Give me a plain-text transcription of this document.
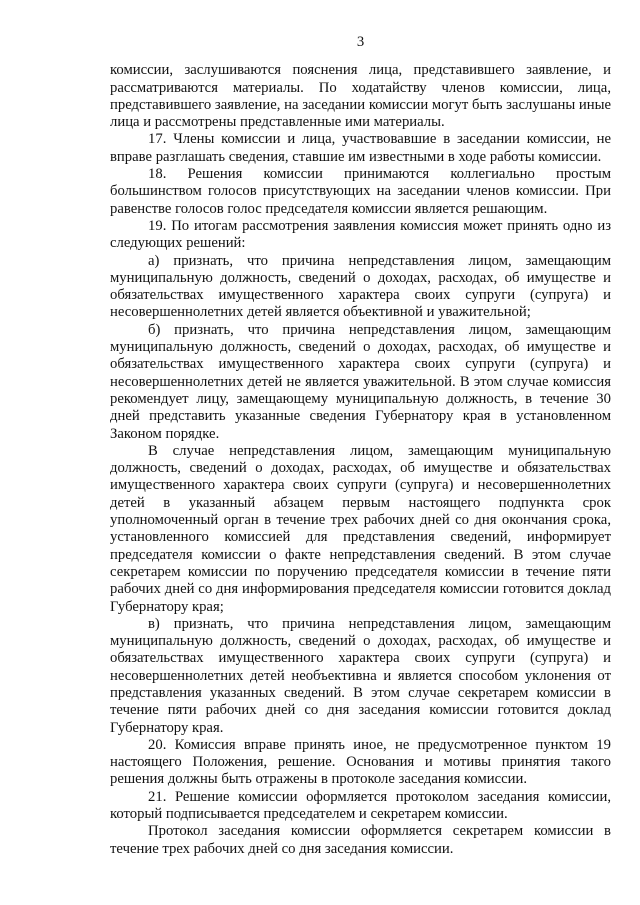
3

комиссии, заслушиваются пояснения лица, представившего заявление, и рассматриваются материалы. По ходатайству членов комиссии, лица, представившего заявление, на заседании комиссии могут быть заслушаны иные лица и рассмотрены представленные ими материалы.

17. Члены комиссии и лица, участвовавшие в заседании комиссии, не вправе разглашать сведения, ставшие им известными в ходе работы комиссии.

18. Решения комиссии принимаются коллегиально простым большинством голосов присутствующих на заседании членов комиссии. При равенстве голосов голос председателя комиссии является решающим.

19. По итогам рассмотрения заявления комиссия может принять одно из следующих решений:

а) признать, что причина непредставления лицом, замещающим муниципальную должность, сведений о доходах, расходах, об имуществе и обязательствах имущественного характера своих супруги (супруга) и несовершеннолетних детей является объективной и уважительной;

б) признать, что причина непредставления лицом, замещающим муниципальную должность, сведений о доходах, расходах, об имуществе и обязательствах имущественного характера своих супруги (супруга) и несовершеннолетних детей не является уважительной. В этом случае комиссия рекомендует лицу, замещающему муниципальную должность, в течение 30 дней представить указанные сведения Губернатору края в установленном Законом порядке.

В случае непредставления лицом, замещающим муниципальную должность, сведений о доходах, расходах, об имуществе и обязательствах имущественного характера своих супруги (супруга) и несовершеннолетних детей в указанный абзацем первым настоящего подпункта срок уполномоченный орган в течение трех рабочих дней со дня окончания срока, установленного комиссией для представления сведений, информирует председателя комиссии о факте непредставления сведений. В этом случае секретарем комиссии по поручению председателя комиссии в течение пяти рабочих дней со дня информирования председателя комиссии готовится доклад Губернатору края;

в) признать, что причина непредставления лицом, замещающим муниципальную должность, сведений о доходах, расходах, об имуществе и обязательствах имущественного характера своих супруги (супруга) и несовершеннолетних детей необъективна и является способом уклонения от представления указанных сведений. В этом случае секретарем комиссии в течение пяти рабочих дней со дня заседания комиссии готовится доклад Губернатору края.

20. Комиссия вправе принять иное, не предусмотренное пунктом 19 настоящего Положения, решение. Основания и мотивы принятия такого решения должны быть отражены в протоколе заседания комиссии.

21. Решение комиссии оформляется протоколом заседания комиссии, который подписывается председателем и секретарем комиссии.

Протокол заседания комиссии оформляется секретарем комиссии в течение трех рабочих дней со дня заседания комиссии.
